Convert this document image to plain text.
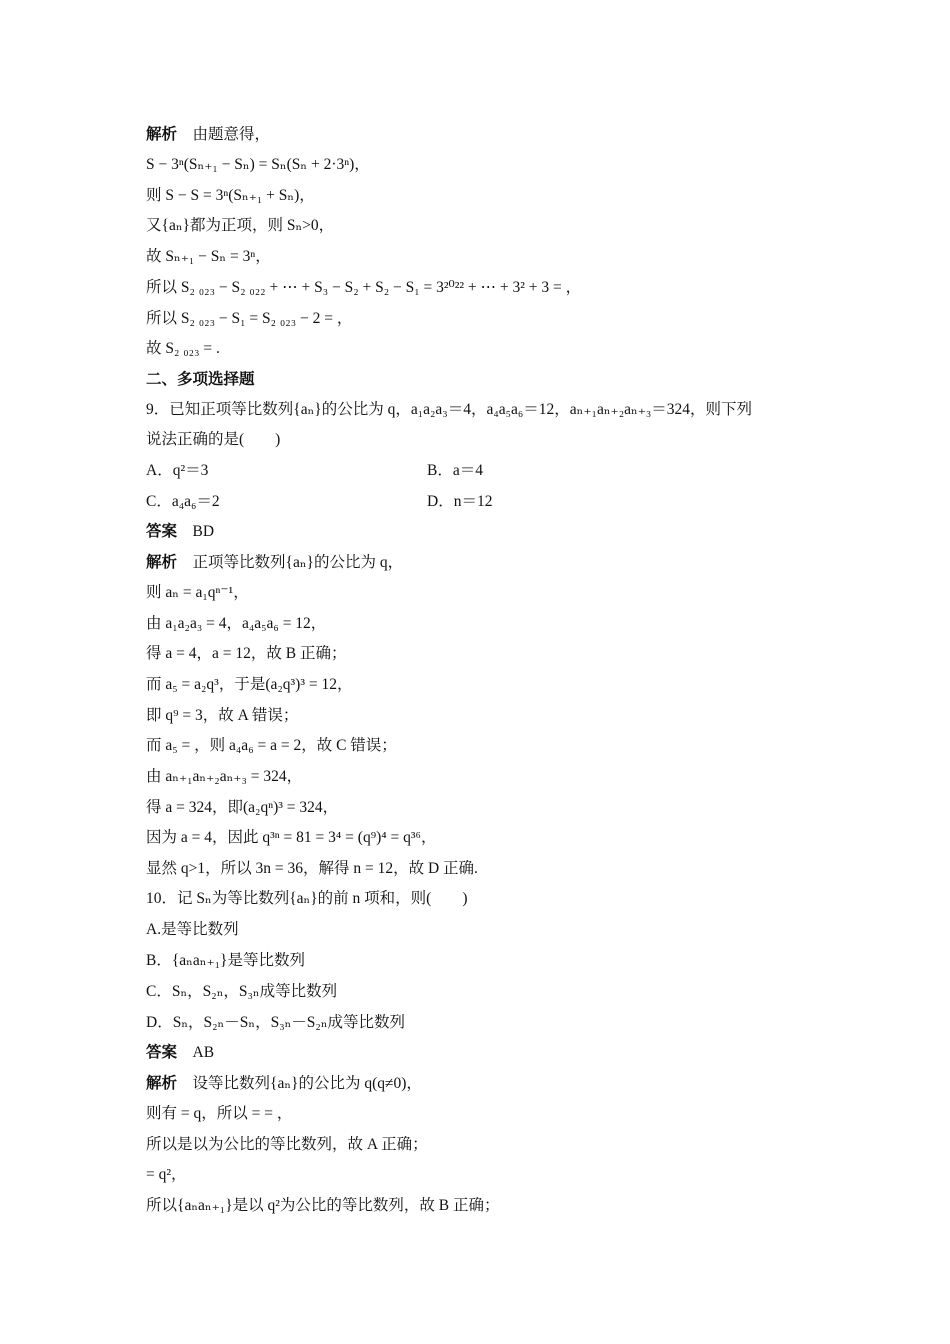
解析　由题意得，
S − 3ⁿ(Sₙ₊₁ − Sₙ) = Sₙ(Sₙ + 2·3ⁿ)，
则 S − S = 3ⁿ(Sₙ₊₁ + Sₙ)，
又{aₙ}都为正项，则 Sₙ>0，
故 Sₙ₊₁ − Sₙ = 3ⁿ，
所以 S₂ ₀₂₃ − S₂ ₀₂₂ + ⋯ + S₃ − S₂ + S₂ − S₁ = 3²⁰²² + ⋯ + 3² + 3 = ，
所以 S₂ ₀₂₃ − S₁ = S₂ ₀₂₃ − 2 = ，
故 S₂ ₀₂₃ = .
二、多项选择题
9．已知正项等比数列{aₙ}的公比为 q，a₁a₂a₃＝4，a₄a₅a₆＝12，aₙ₊₁aₙ₊₂aₙ₊₃＝324，则下列
说法正确的是(　　)
A．q²＝3	B．a＝4
C．a₄a₆＝2	D．n＝12
答案　BD
解析　正项等比数列{aₙ}的公比为 q，
则 aₙ = a₁qⁿ⁻¹，
由 a₁a₂a₃ = 4，a₄a₅a₆ = 12，
得 a = 4，a = 12，故 B 正确；
而 a₅ = a₂q³，于是(a₂q³)³ = 12，
即 q⁹ = 3，故 A 错误；
而 a₅ = ，则 a₄a₆ = a = 2，故 C 错误；
由 aₙ₊₁aₙ₊₂aₙ₊₃ = 324，
得 a = 324，即(a₂qⁿ)³ = 324，
因为 a = 4，因此 q³ⁿ = 81 = 3⁴ = (q⁹)⁴ = q³⁶，
显然 q>1，所以 3n = 36，解得 n = 12，故 D 正确.
10．记 Sₙ为等比数列{aₙ}的前 n 项和，则(　　)
A.是等比数列
B．{aₙaₙ₊₁}是等比数列
C．Sₙ，S₂ₙ，S₃ₙ成等比数列
D．Sₙ，S₂ₙ－Sₙ，S₃ₙ－S₂ₙ成等比数列
答案　AB
解析　设等比数列{aₙ}的公比为 q(q≠0)，
则有 = q，所以 = = ，
所以是以为公比的等比数列，故 A 正确；
= q²，
所以{aₙaₙ₊₁}是以 q²为公比的等比数列，故 B 正确；
